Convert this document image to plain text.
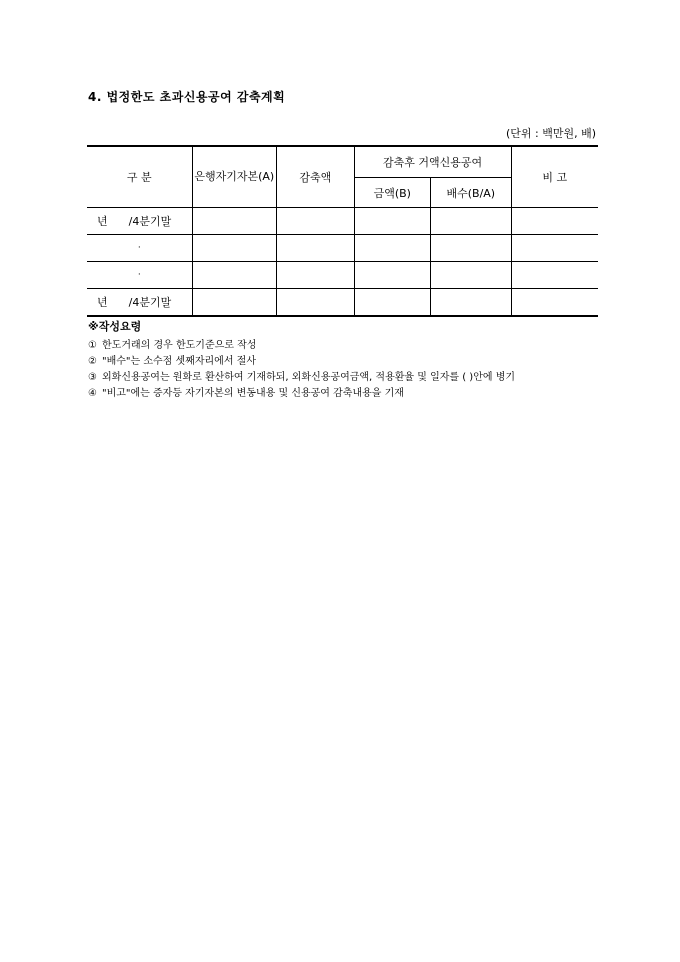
4. 법정한도 초과신용공여 감축계획
(단위 : 백만원, 배)
구 분	은행자기자본(A)	감축액	감축후 거액신용공여		비 고
			금액(B)	배수(B/A)	
년 /4분기말					
·					
·					
년 /4분기말					
※작성요령
① 한도거래의 경우 한도기준으로 작성
② "배수"는 소수점 셋째자리에서 절사
③ 외화신용공여는 원화로 환산하여 기재하되, 외화신용공여금액, 적용환율 및 일자를 ( )안에 병기
④ "비고"에는 증자등 자기자본의 변동내용 및 신용공여 감축내용을 기재
